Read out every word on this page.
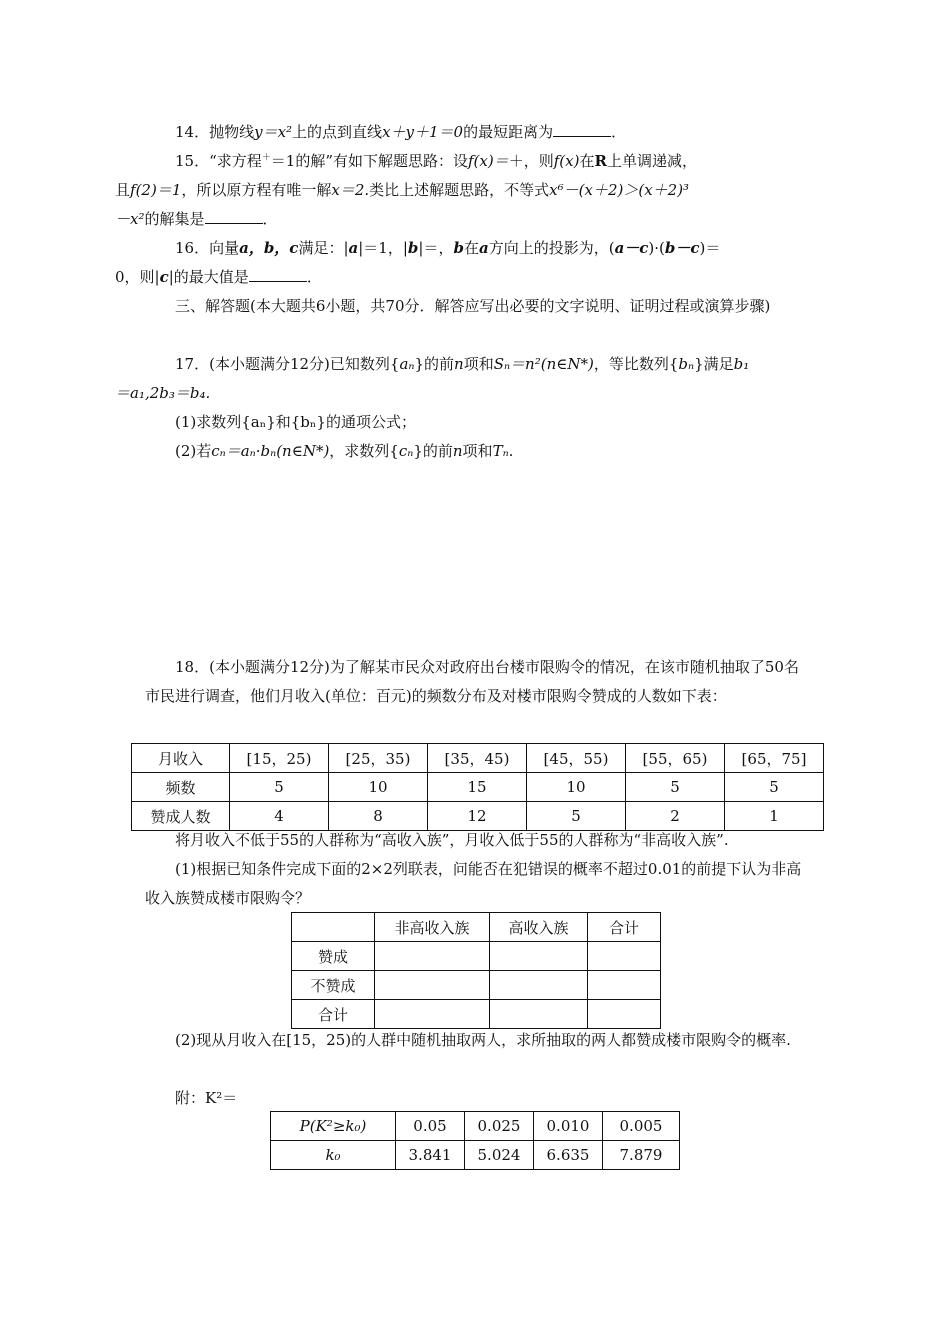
14．抛物线y＝x²上的点到直线x＋y＋1＝0的最短距离为	．

15．“求方程＋＝1的解”有如下解题思路：设f(x)＝＋，则f(x)在R上单调递减，
且f(2)＝1，所以原方程有唯一解x＝2.类比上述解题思路，不等式x⁶－(x＋2)＞(x＋2)³
－x²的解集是	．

16．向量a，b，c满足：|a|＝1，|b|＝，b在a方向上的投影为，(a－c)·(b－c)＝
0，则|c|的最大值是	．

三、解答题(本大题共6小题，共70分．解答应写出必要的文字说明、证明过程或演算步骤)

17．(本小题满分12分)已知数列{aₙ}的前n项和Sₙ＝n²(n∈N*)，等比数列{bₙ}满足b₁
＝a₁,2b₃＝b₄.

(1)求数列{aₙ}和{bₙ}的通项公式；

(2)若cₙ＝aₙ·bₙ(n∈N*)，求数列{cₙ}的前n项和Tₙ.

18．(本小题满分12分)为了解某市民众对政府出台楼市限购令的情况，在该市随机抽取了50名市民进行调查，他们月收入(单位：百元)的频数分布及对楼市限购令赞成的人数如下表：

月收入	[15，25)	[25，35)	[35，45)	[45，55)	[55，65)	[65，75]
频数	5	10	15	10	5	5
赞成人数	4	8	12	5	2	1

将月收入不低于55的人群称为“高收入族”，月收入低于55的人群称为“非高收入族”.

(1)根据已知条件完成下面的2×2列联表，问能否在犯错误的概率不超过0.01的前提下认为非高收入族赞成楼市限购令？

	非高收入族	高收入族	合计
赞成			
不赞成			
合计			

(2)现从月收入在[15，25)的人群中随机抽取两人，求所抽取的两人都赞成楼市限购令的概率.

附：K²＝

P(K²≥k₀)	0.05	0.025	0.010	0.005
k₀	3.841	5.024	6.635	7.879
